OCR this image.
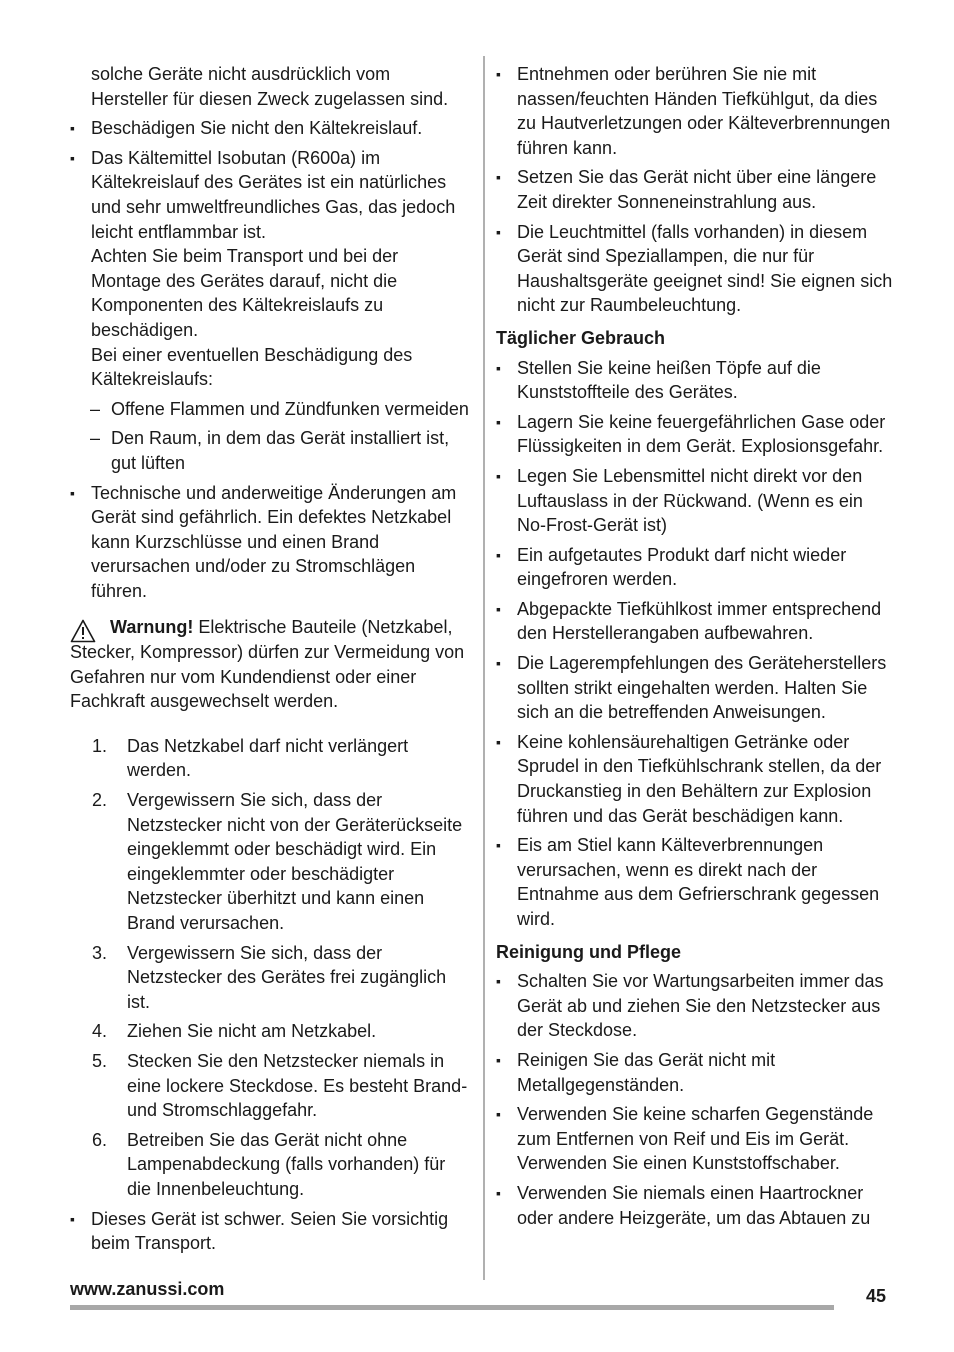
solche Geräte nicht ausdrücklich vom Hersteller für diesen Zweck zugelassen sind.

▪ Beschädigen Sie nicht den Kältekreislauf.
▪ Das Kältemittel Isobutan (R600a) im Kältekreislauf des Gerätes ist ein natürliches und sehr umweltfreundliches Gas, das jedoch leicht entflammbar ist.

Achten Sie beim Transport und bei der Montage des Gerätes darauf, nicht die Komponenten des Kältekreislaufs zu beschädigen.

Bei einer eventuellen Beschädigung des Kältekreislaufs:

– Offene Flammen und Zündfunken vermeiden
– Den Raum, in dem das Gerät installiert ist, gut lüften
▪ Technische und anderweitige Änderungen am Gerät sind gefährlich. Ein defektes Netzkabel kann Kurzschlüsse und einen Brand verursachen und/oder zu Stromschlägen führen.

Warnung! Elektrische Bauteile (Netzkabel, Stecker, Kompressor) dürfen zur Vermeidung von Gefahren nur vom Kundendienst oder einer Fachkraft ausgewechselt werden.

1. Das Netzkabel darf nicht verlängert werden.
2. Vergewissern Sie sich, dass der Netzstecker nicht von der Geräterückseite eingeklemmt oder beschädigt wird. Ein eingeklemmter oder beschädigter Netzstecker überhitzt und kann einen Brand verursachen.
3. Vergewissern Sie sich, dass der Netzstecker des Gerätes frei zugänglich ist.
4. Ziehen Sie nicht am Netzkabel.
5. Stecken Sie den Netzstecker niemals in eine lockere Steckdose. Es besteht Brand- und Stromschlaggefahr.
6. Betreiben Sie das Gerät nicht ohne Lampenabdeckung (falls vorhanden) für die Innenbeleuchtung.
▪ Dieses Gerät ist schwer. Seien Sie vorsichtig beim Transport.
▪ Entnehmen oder berühren Sie nie mit nassen/feuchten Händen Tiefkühlgut, da dies zu Hautverletzungen oder Kälteverbrennungen führen kann.
▪ Setzen Sie das Gerät nicht über eine längere Zeit direkter Sonneneinstrahlung aus.
▪ Die Leuchtmittel (falls vorhanden) in diesem Gerät sind Speziallampen, die nur für Haushaltsgeräte geeignet sind! Sie eignen sich nicht zur Raumbeleuchtung.

Täglicher Gebrauch

▪ Stellen Sie keine heißen Töpfe auf die Kunststoffteile des Gerätes.
▪ Lagern Sie keine feuergefährlichen Gase oder Flüssigkeiten in dem Gerät. Explosionsgefahr.
▪ Legen Sie Lebensmittel nicht direkt vor den Luftauslass in der Rückwand. (Wenn es ein No-Frost-Gerät ist)
▪ Ein aufgetautes Produkt darf nicht wieder eingefroren werden.
▪ Abgepackte Tiefkühlkost immer entsprechend den Herstellerangaben aufbewahren.
▪ Die Lagerempfehlungen des Geräteherstellers sollten strikt eingehalten werden. Halten Sie sich an die betreffenden Anweisungen.
▪ Keine kohlensäurehaltigen Getränke oder Sprudel in den Tiefkühlschrank stellen, da der Druckanstieg in den Behältern zur Explosion führen und das Gerät beschädigen kann.
▪ Eis am Stiel kann Kälteverbrennungen verursachen, wenn es direkt nach der Entnahme aus dem Gefrierschrank gegessen wird.

Reinigung und Pflege

▪ Schalten Sie vor Wartungsarbeiten immer das Gerät ab und ziehen Sie den Netzstecker aus der Steckdose.
▪ Reinigen Sie das Gerät nicht mit Metallgegenständen.
▪ Verwenden Sie keine scharfen Gegenstände zum Entfernen von Reif und Eis im Gerät. Verwenden Sie einen Kunststoffschaber.
▪ Verwenden Sie niemals einen Haartrockner oder andere Heizgeräte, um das Abtauen zu
www.zanussi.com	45
